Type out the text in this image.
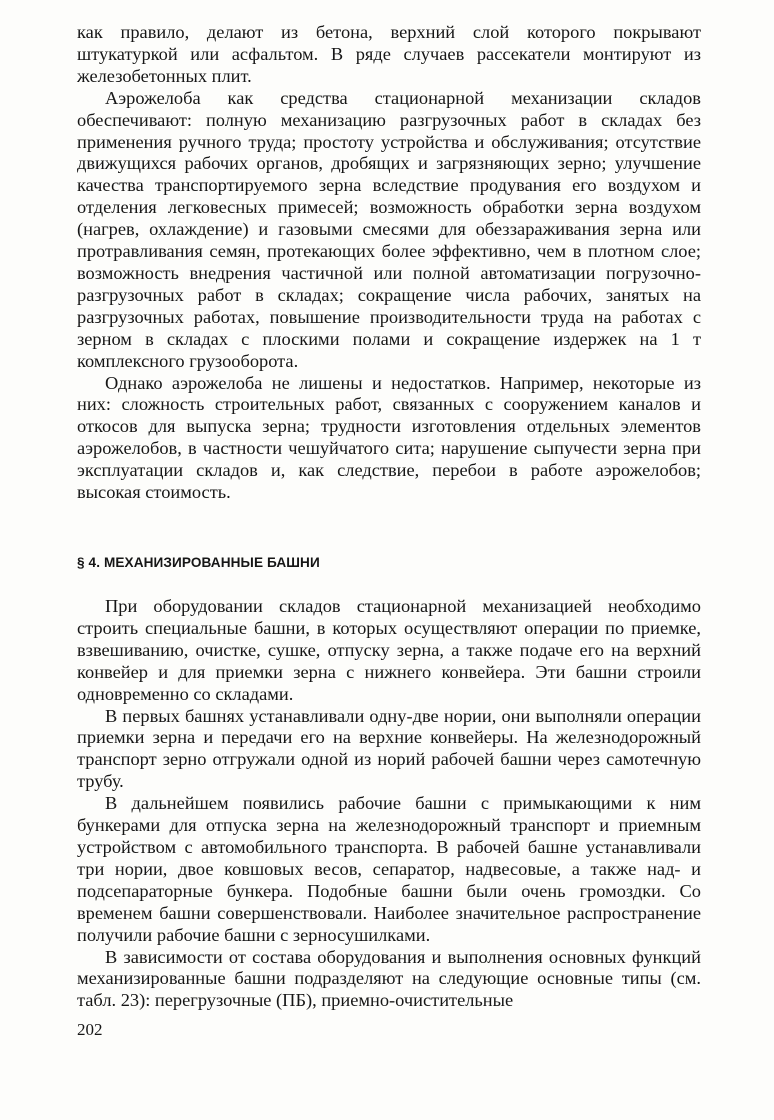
как правило, делают из бетона, верхний слой которого покрывают штукатуркой или асфальтом. В ряде случаев рассекатели монтируют из железобетонных плит.

Аэрожелоба как средства стационарной механизации складов обеспечивают: полную механизацию разгрузочных работ в складах без применения ручного труда; простоту устройства и обслуживания; отсутствие движущихся рабочих органов, дробящих и загрязняющих зерно; улучшение качества транспортируемого зерна вследствие продувания его воздухом и отделения легковесных примесей; возможность обработки зерна воздухом (нагрев, охлаждение) и газовыми смесями для обеззараживания зерна или протравливания семян, протекающих более эффективно, чем в плотном слое; возможность внедрения частичной или полной автоматизации погрузочно-разгрузочных работ в складах; сокращение числа рабочих, занятых на разгрузочных работах, повышение производительности труда на работах с зерном в складах с плоскими полами и сокращение издержек на 1 т комплексного грузооборота.

Однако аэрожелоба не лишены и недостатков. Например, некоторые из них: сложность строительных работ, связанных с сооружением каналов и откосов для выпуска зерна; трудности изготовления отдельных элементов аэрожелобов, в частности чешуйчатого сита; нарушение сыпучести зерна при эксплуатации складов и, как следствие, перебои в работе аэрожелобов; высокая стоимость.

§ 4. МЕХАНИЗИРОВАННЫЕ БАШНИ

При оборудовании складов стационарной механизацией необходимо строить специальные башни, в которых осуществляют операции по приемке, взвешиванию, очистке, сушке, отпуску зерна, а также подаче его на верхний конвейер и для приемки зерна с нижнего конвейера. Эти башни строили одновременно со складами.

В первых башнях устанавливали одну-две нории, они выполняли операции приемки зерна и передачи его на верхние конвейеры. На железнодорожный транспорт зерно отгружали одной из норий рабочей башни через самотечную трубу.

В дальнейшем появились рабочие башни с примыкающими к ним бункерами для отпуска зерна на железнодорожный транспорт и приемным устройством с автомобильного транспорта. В рабочей башне устанавливали три нории, двое ковшовых весов, сепаратор, надвесовые, а также над- и подсепараторные бункера. Подобные башни были очень громоздки. Со временем башни совершенствовали. Наиболее значительное распространение получили рабочие башни с зерносушилками.

В зависимости от состава оборудования и выполнения основных функций механизированные башни подразделяют на следующие основные типы (см. табл. 23): перегрузочные (ПБ), приемно-очистительные

202
